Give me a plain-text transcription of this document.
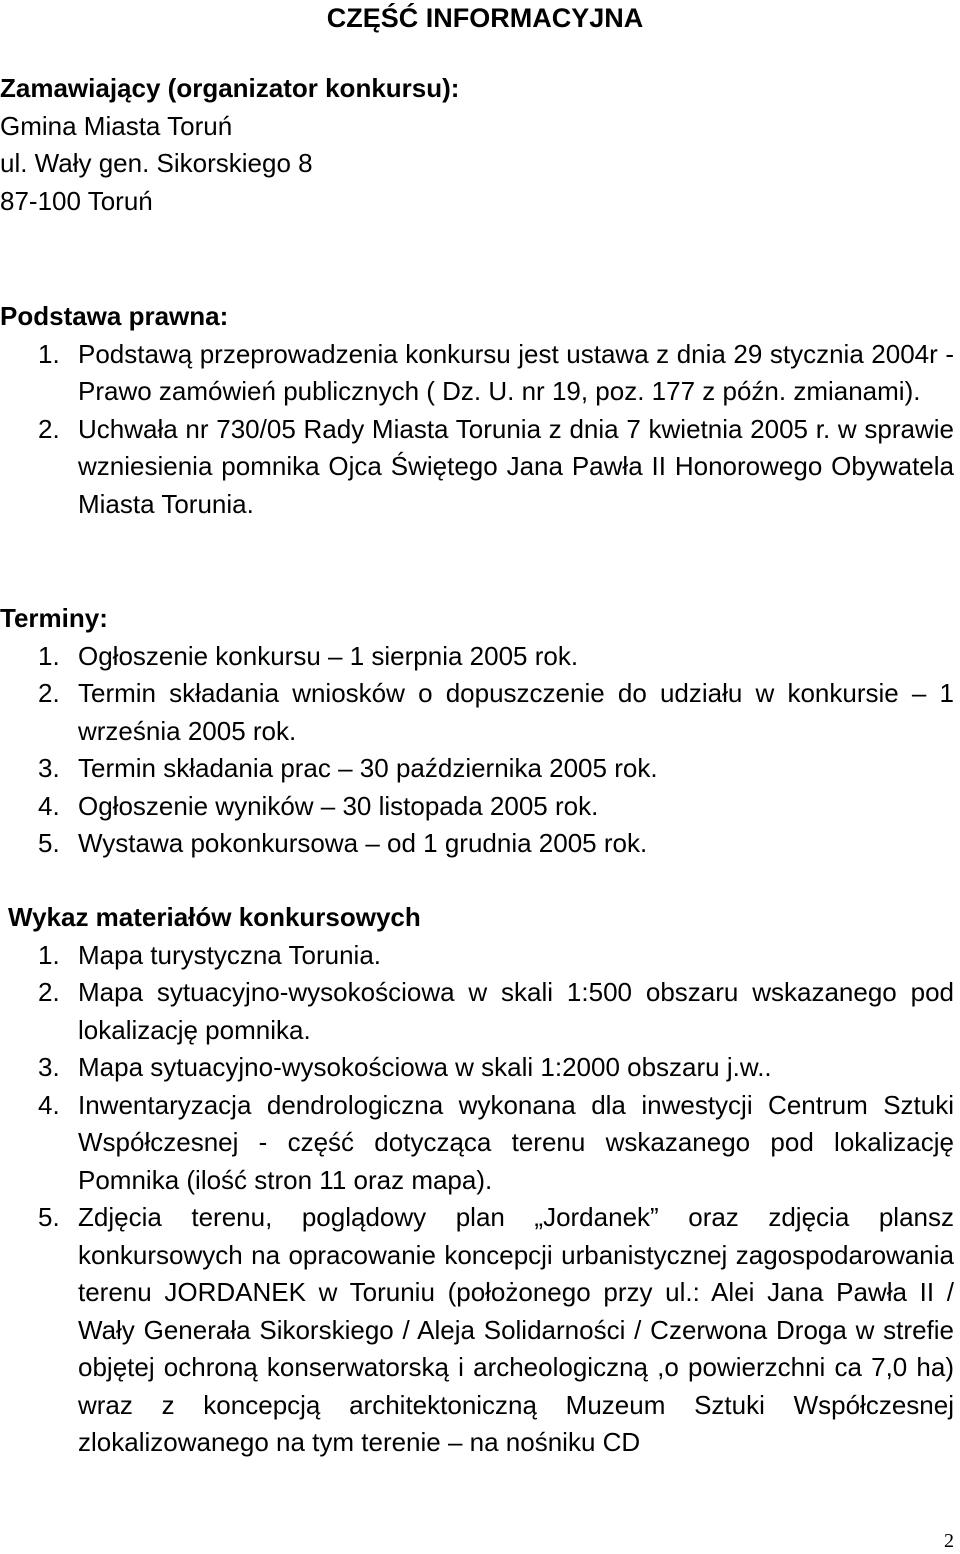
CZĘŚĆ INFORMACYJNA
Zamawiający (organizator konkursu):
Gmina Miasta Toruń
ul. Wały gen. Sikorskiego 8
87-100 Toruń
Podstawa prawna:
1. Podstawą przeprowadzenia konkursu jest ustawa z dnia 29 stycznia 2004r -Prawo zamówień publicznych ( Dz. U. nr 19, poz. 177 z późn. zmianami).
2. Uchwała nr 730/05 Rady Miasta Torunia z dnia 7 kwietnia 2005 r. w sprawie wzniesienia pomnika Ojca Świętego Jana Pawła II Honorowego Obywatela Miasta Torunia.
Terminy:
1. Ogłoszenie konkursu – 1 sierpnia 2005 rok.
2. Termin składania wniosków o dopuszczenie do udziału w konkursie – 1 września 2005 rok.
3. Termin składania prac – 30 października 2005 rok.
4. Ogłoszenie wyników – 30 listopada 2005 rok.
5. Wystawa pokonkursowa – od 1 grudnia 2005 rok.
Wykaz materiałów konkursowych
1. Mapa turystyczna Torunia.
2. Mapa sytuacyjno-wysokościowa w skali 1:500 obszaru wskazanego pod lokalizację pomnika.
3. Mapa sytuacyjno-wysokościowa w skali 1:2000 obszaru j.w..
4. Inwentaryzacja dendrologiczna wykonana dla inwestycji Centrum Sztuki Współczesnej - część dotycząca terenu wskazanego pod lokalizację Pomnika (ilość stron 11 oraz mapa).
5. Zdjęcia terenu, poglądowy plan „Jordanek” oraz zdjęcia plansz konkursowych na opracowanie koncepcji urbanistycznej zagospodarowania terenu JORDANEK w Toruniu (położonego przy ul.: Alei Jana Pawła II / Wały Generała Sikorskiego / Aleja Solidarności / Czerwona Droga w strefie objętej ochroną konserwatorską i archeologiczną ,o powierzchni ca 7,0 ha) wraz z koncepcją architektoniczną Muzeum Sztuki Współczesnej zlokalizowanego na tym terenie – na nośniku CD
2
